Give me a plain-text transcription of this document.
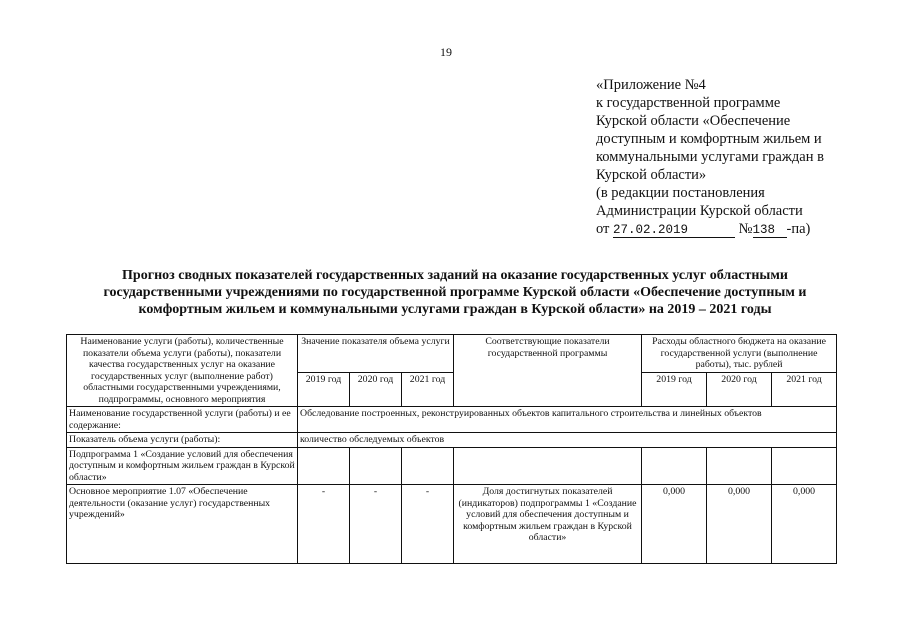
19
«Приложение №4
к государственной программе
Курской области «Обеспечение
доступным и комфортным жильем и
коммунальными услугами граждан в
Курской области»
(в редакции постановления
Администрации Курской области
от 27.02.2019	№138 -па)
Прогноз сводных показателей государственных заданий на оказание государственных услуг областными
государственными учреждениями по государственной программе Курской области «Обеспечение доступным и
комфортным жильем и коммунальными услугами граждан в Курской области» на 2019 – 2021 годы
Наименование услуги (работы), количественные показатели объема услуги (работы), показатели качества государственных услуг на оказание государственных услуг (выполнение работ) областными государственными учреждениями, подпрограммы, основного мероприятия	Значение показателя объема услуги			Соответствующие показатели государственной программы	Расходы областного бюджета на оказание государственной услуги (выполнение работы), тыс. рублей		
	2019 год	2020 год	2021 год		2019 год	2020 год	2021 год
Наименование государственной услуги (работы) и ее содержание:	Обследование построенных, реконструированных объектов капитального строительства и линейных объектов						
Показатель объема услуги (работы):	количество обследуемых объектов						
Подпрограмма 1 «Создание условий для обеспечения доступным и комфортным жильем граждан в Курской области»							
Основное мероприятие 1.07 «Обеспечение деятельности (оказание услуг) государственных учреждений»	-	-	-	Доля достигнутых показателей (индикаторов) подпрограммы 1 «Создание условий для обеспечения доступным и комфортным жильем граждан в Курской области»	0,000	0,000	0,000
